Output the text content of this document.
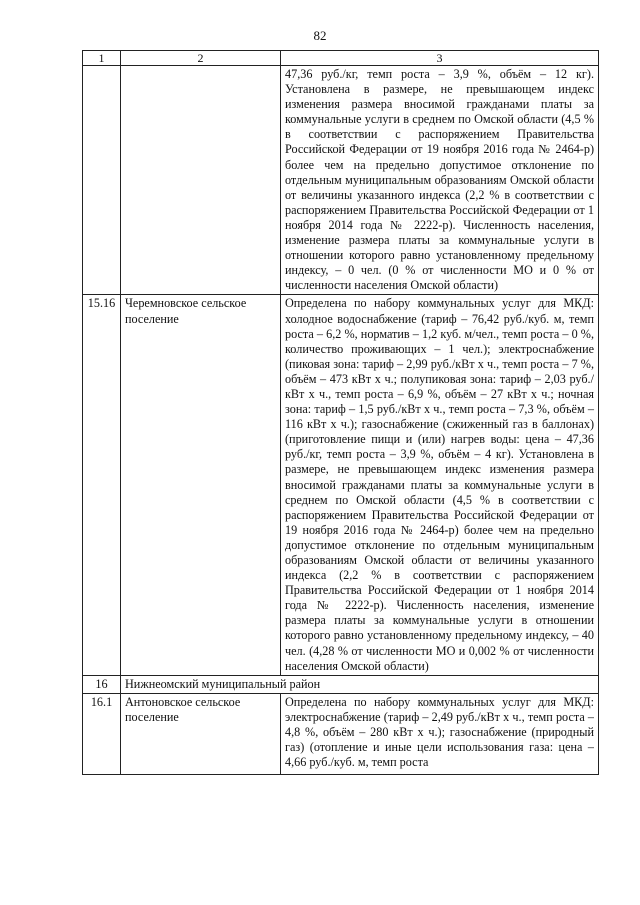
82
1	2	3
		47,36 руб./кг, темп роста – 3,9 %, объём – 12 кг). Установлена в размере, не превышающем индекс изменения размера вносимой гражданами платы за коммунальные услуги в среднем по Омской области (4,5 % в соответствии с распоряжением Правительства Российской Федерации от 19 ноября 2016 года № 2464-р) более чем на предельно допустимое отклонение по отдельным муниципальным образованиям Омской области от величины указанного индекса (2,2 % в соответствии с распоряжением Правительства Российской Федерации от 1 ноября 2014 года № 2222-р). Численность населения, изменение размера платы за коммунальные услуги в отношении которого равно установленному предельному индексу, – 0 чел. (0 % от численности МО и 0 % от численности населения Омской области)
15.16	Черемновское сельское поселение	Определена по набору коммунальных услуг для МКД: холодное водоснабжение (тариф – 76,42 руб./куб. м, темп роста – 6,2 %, норматив – 1,2 куб. м/чел., темп роста – 0 %, количество проживающих – 1 чел.); электроснабжение (пиковая зона: тариф – 2,99 руб./кВт х ч., темп роста – 7 %, объём – 473 кВт х ч.; полупиковая зона: тариф – 2,03 руб./кВт х ч., темп роста – 6,9 %, объём – 27 кВт х ч.; ночная зона: тариф – 1,5 руб./кВт х ч., темп роста – 7,3 %, объём – 116 кВт х ч.); газоснабжение (сжиженный газ в баллонах) (приготовление пищи и (или) нагрев воды: цена – 47,36 руб./кг, темп роста – 3,9 %, объём – 4 кг). Установлена в размере, не превышающем индекс изменения размера вносимой гражданами платы за коммунальные услуги в среднем по Омской области (4,5 % в соответствии с распоряжением Правительства Российской Федерации от 19 ноября 2016 года № 2464-р) более чем на предельно допустимое отклонение по отдельным муниципальным образованиям Омской области от величины указанного индекса (2,2 % в соответствии с распоряжением Правительства Российской Федерации от 1 ноября 2014 года № 2222-р). Численность населения, изменение размера платы за коммунальные услуги в отношении которого равно установленному предельному индексу, – 40 чел. (4,28 % от численности МО и 0,002 % от численности населения Омской области)
16	Нижнеомский муниципальный район	
16.1	Антоновское сельское поселение	Определена по набору коммунальных услуг для МКД: электроснабжение (тариф – 2,49 руб./кВт х ч., темп роста – 4,8 %, объём – 280 кВт х ч.); газоснабжение (природный газ) (отопление и иные цели использования газа: цена – 4,66 руб./куб. м, темп роста
